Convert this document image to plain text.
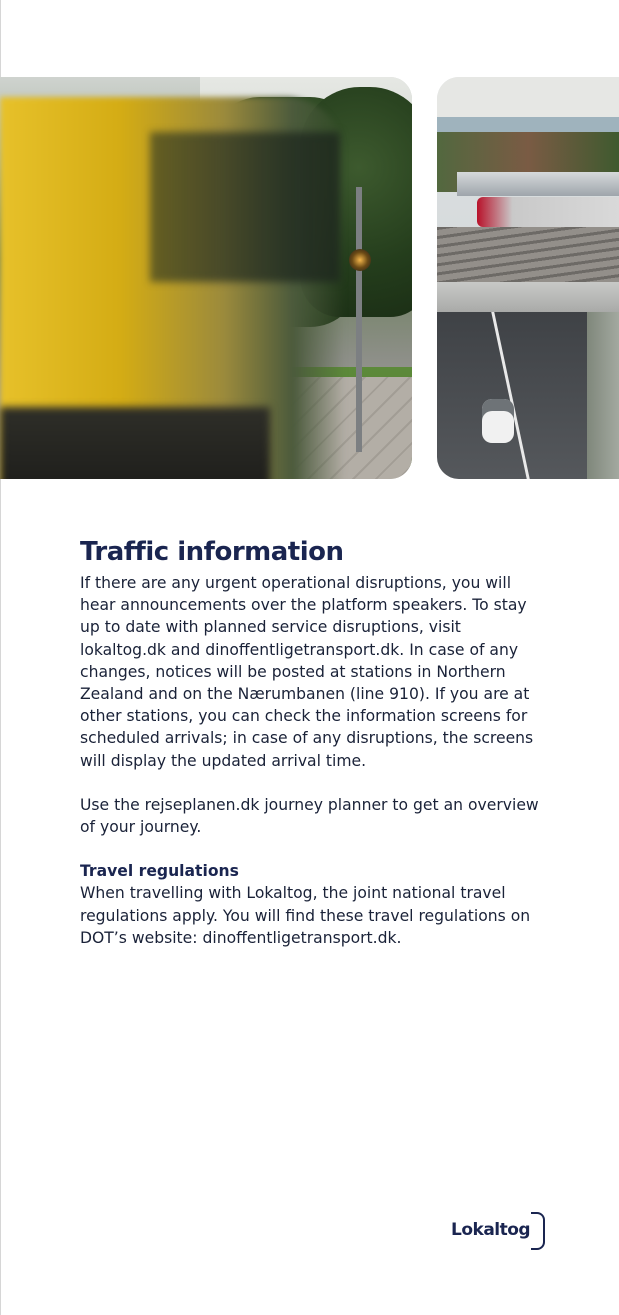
Traffic information

If there are any urgent operational disruptions, you will hear announcements over the platform speakers. To stay up to date with planned service disruptions, visit lokaltog.dk and dinoffentligetransport.dk. In case of any changes, notices will be posted at stations in Northern Zealand and on the Nærumbanen (line 910). If you are at other stations, you can check the information screens for scheduled arrivals; in case of any disruptions, the screens will display the updated arrival time.

Use the rejseplanen.dk journey planner to get an overview of your journey.

Travel regulations

When travelling with Lokaltog, the joint national travel regulations apply. You will find these travel regulations on DOT’s website: dinoffentligetransport.dk.

Lokaltog
